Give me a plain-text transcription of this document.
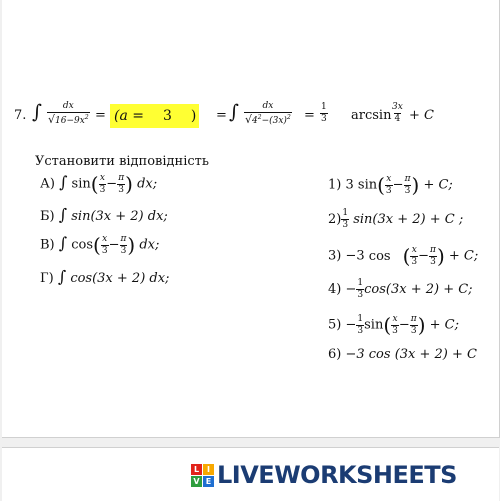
7. ∫ $\frac{dx}{√16-9x^2} = (a = 3$ ) = ∫ $\frac{dx}{√4^2-(3x)^2} = \frac{1}{3}$ $\arcsin \frac{3x}{4} + C$
Установити відповідність
А) ∫ $\sin( \frac{x}{3} - \frac{\pi}{3}$ ) dx;
Б) ∫ sin(3x + 2) dx;
В) ∫ $\cos( \frac{x}{3} - \frac{\pi}{3}$ ) dx;
Г) ∫ cos(3x + 2) dx;
1) 3 $\sin( \frac{x}{3} - \frac{\pi}{3}$ ) + C;
$2) \frac{1}{3} \sin(3x + 2) + C$ ;
3) −3 cos ( $\frac{x}{3} - \frac{\pi}{3}$ ) + C;
$4) - \frac{1}{3} \cos(3x + 2) + C$;
$5) - \frac{1}{3} \sin( \frac{x}{3} - \frac{\pi}{3}$ ) + C;
6) −3 cos (3x + 2) + C
L I
V E LIVEWORKSHEETS
